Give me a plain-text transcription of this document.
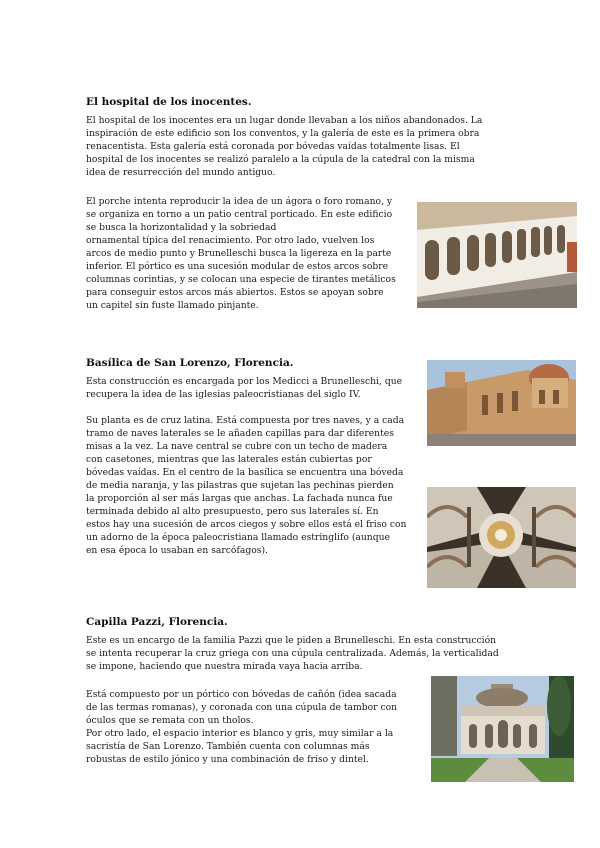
El hospital de los inocentes.
El hospital de los inocentes era un lugar donde llevaban a los niños abandonados. La
inspiración de este edificio son los conventos, y la galería de este es la primera obra
renacentista. Esta galería está coronada por bóvedas vaídas totalmente lisas. El
hospital de los inocentes se realizó paralelo a la cúpula de la catedral con la misma
idea de resurrección del mundo antiguo.
El porche intenta reproducir la idea de un ágora o foro romano, y
se organiza en torno a un patio central porticado. En este edificio
se busca la horizontalidad y la sobriedad
ornamental típica del renacimiento. Por otro lado, vuelven los
arcos de medio punto y Brunelleschi busca la ligereza en la parte
inferior. El pórtico es una sucesión modular de estos arcos sobre
columnas corintias, y se colocan una especie de tirantes metálicos
para conseguir estos arcos más abiertos. Estos se apoyan sobre
un capitel sin fuste llamado pinjante.
Basílica de San Lorenzo, Florencia.
Esta construcción es encargada por los Medicci a Brunelleschi, que
recupera la idea de las iglesias paleocristianas del siglo IV.
Su planta es de cruz latina. Está compuesta por tres naves, y a cada
tramo de naves laterales se le añaden capillas para dar diferentes
misas a la vez. La nave central se cubre con un techo de madera
con casetones, mientras que las laterales están cubiertas por
bóvedas vaídas. En el centro de la basílica se encuentra una bóveda
de media naranja, y las pilastras que sujetan las pechinas pierden
la proporción al ser más largas que anchas. La fachada nunca fue
terminada debido al alto presupuesto, pero sus laterales sí. En
estos hay una sucesión de arcos ciegos y sobre ellos está el friso con
un adorno de la época paleocristiana llamado estringlifo (aunque
en esa época lo usaban en sarcófagos).
Capilla Pazzi, Florencia.
Este es un encargo de la familia Pazzi que le piden a Brunelleschi. En esta construcción
se intenta recuperar la cruz griega con una cúpula centralizada. Además, la verticalidad
se impone, haciendo que nuestra mirada vaya hacia arriba.
Está compuesto por un pórtico con bóvedas de cañón (idea sacada
de las termas romanas), y coronada con una cúpula de tambor con
óculos que se remata con un tholos.
Por otro lado, el espacio interior es blanco y gris, muy similar a la
sacristía de San Lorenzo. También cuenta con columnas más
robustas de estilo jónico y una combinación de friso y dintel.
